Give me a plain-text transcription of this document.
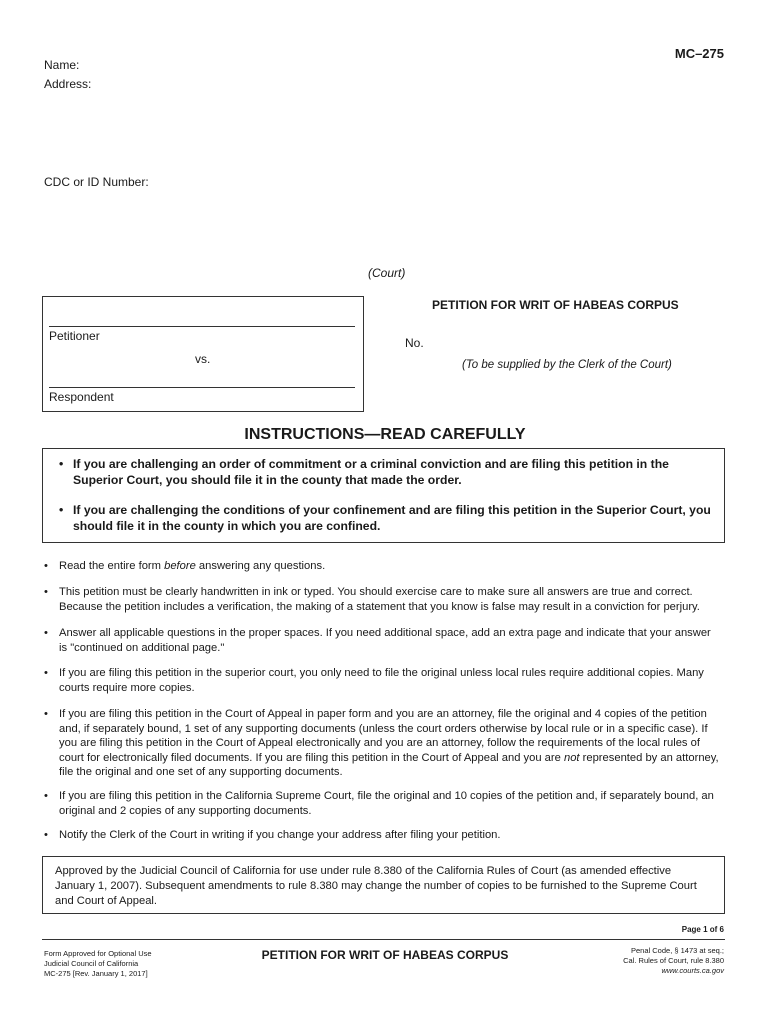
MC–275
Name:
Address:
CDC or ID Number:
(Court)
Petitioner
vs.
Respondent
PETITION FOR WRIT OF HABEAS CORPUS
No.
(To be supplied by the Clerk of the Court)
INSTRUCTIONS—READ CAREFULLY
• If you are challenging an order of commitment or a criminal conviction and are filing this petition in the Superior Court, you should file it in the county that made the order.
• If you are challenging the conditions of your confinement and are filing this petition in the Superior Court, you should file it in the county in which you are confined.
• Read the entire form before answering any questions.
• This petition must be clearly handwritten in ink or typed. You should exercise care to make sure all answers are true and correct. Because the petition includes a verification, the making of a statement that you know is false may result in a conviction for perjury.
• Answer all applicable questions in the proper spaces. If you need additional space, add an extra page and indicate that your answer is "continued on additional page."
• If you are filing this petition in the superior court, you only need to file the original unless local rules require additional copies. Many courts require more copies.
• If you are filing this petition in the Court of Appeal in paper form and you are an attorney, file the original and 4 copies of the petition and, if separately bound, 1 set of any supporting documents (unless the court orders otherwise by local rule or in a specific case). If you are filing this petition in the Court of Appeal electronically and you are an attorney, follow the requirements of the local rules of court for electronically filed documents. If you are filing this petition in the Court of Appeal and you are not represented by an attorney, file the original and one set of any supporting documents.
• If you are filing this petition in the California Supreme Court, file the original and 10 copies of the petition and, if separately bound, an original and 2 copies of any supporting documents.
• Notify the Clerk of the Court in writing if you change your address after filing your petition.
Approved by the Judicial Council of California for use under rule 8.380 of the California Rules of Court (as amended effective January 1, 2007). Subsequent amendments to rule 8.380 may change the number of copies to be furnished to the Supreme Court and Court of Appeal.
Page 1 of 6
Form Approved for Optional Use
Judicial Council of California
MC-275 [Rev. January 1, 2017]
PETITION FOR WRIT OF HABEAS CORPUS	Penal Code, § 1473 at seq.;
Cal. Rules of Court, rule 8.380
www.courts.ca.gov
